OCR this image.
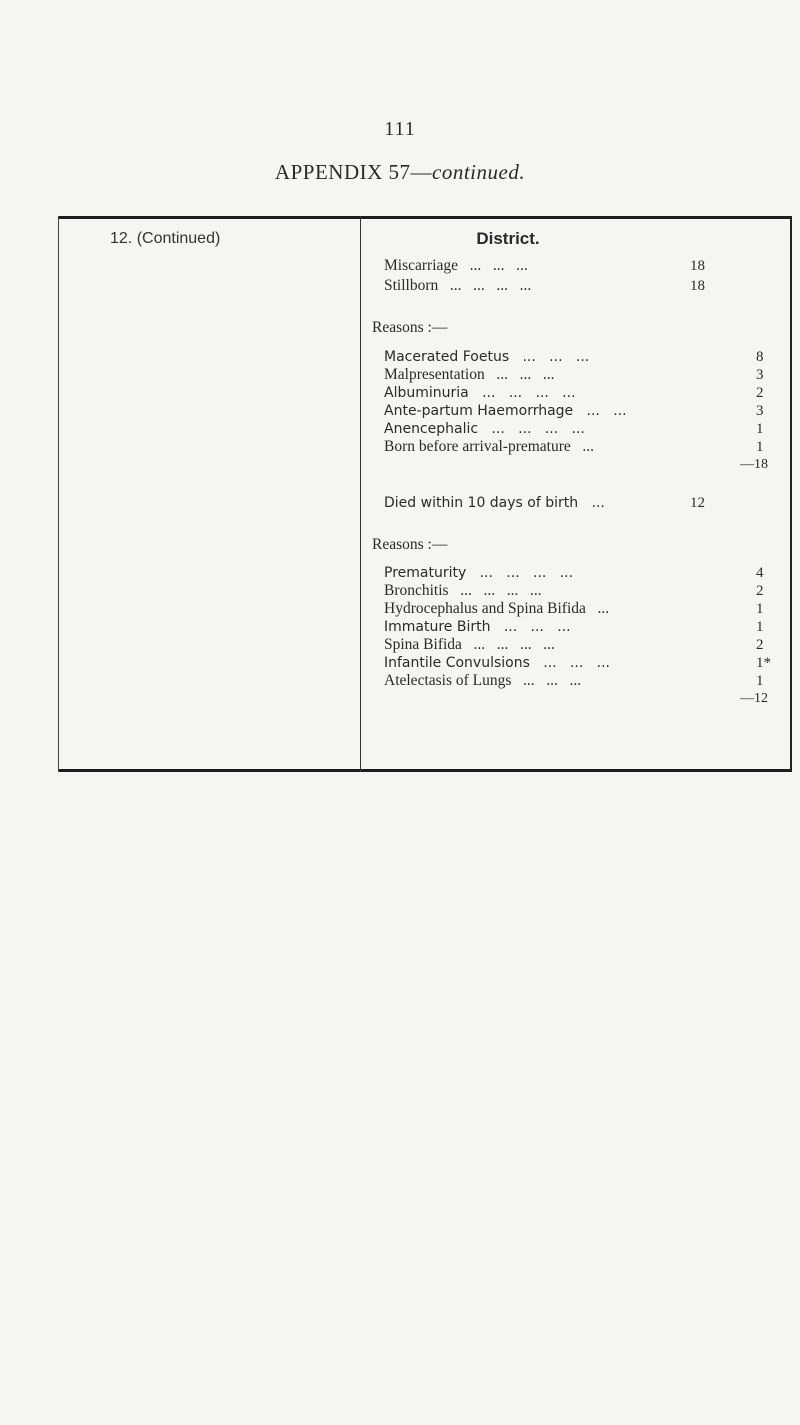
111
APPENDIX 57—continued.
12. (Continued)	District.
Miscarriage   ...   ...   ...	18
Stillborn   ...   ...   ...   ...	18
Reasons :—
Macerated Foetus   ...   ...   ...	8
Malpresentation   ...   ...   ...	3
Albuminuria   ...   ...   ...   ...	2
Ante-partum Haemorrhage   ...   ...	3
Anencephalic   ...   ...   ...   ...	1
Born before arrival-premature   ...	1
—18
Died within 10 days of birth   ...	12
Reasons :—
Prematurity   ...   ...   ...   ...	4
Bronchitis   ...   ...   ...   ...	2
Hydrocephalus and Spina Bifida   ...	1
Immature Birth   ...   ...   ...	1
Spina Bifida   ...   ...   ...   ...	2
Infantile Convulsions   ...   ...   ...	1*
Atelectasis of Lungs   ...   ...   ...	1
—12
